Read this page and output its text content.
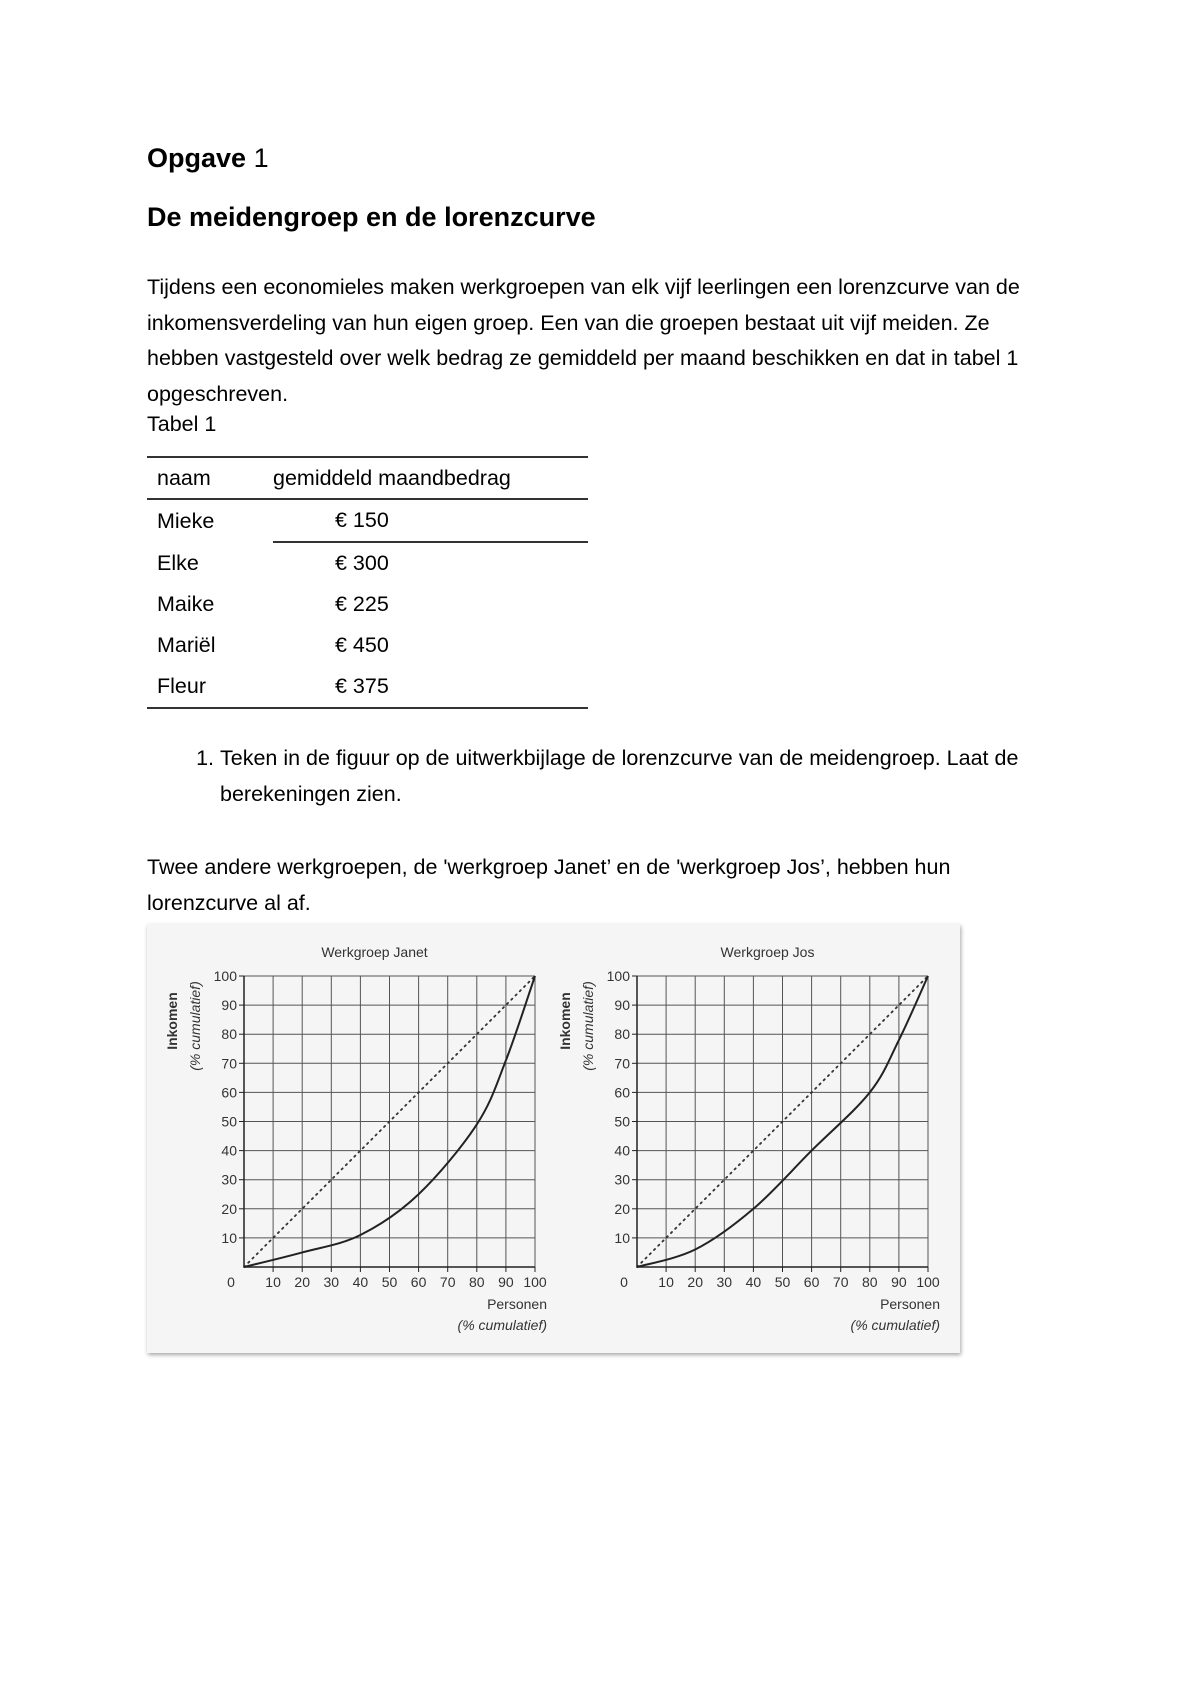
Opgave 1
De meidengroep en de lorenzcurve

Tijdens een economieles maken werkgroepen van elk vijf leerlingen een lorenzcurve van de inkomensverdeling van hun eigen groep. Een van die groepen bestaat uit vijf meiden. Ze hebben vastgesteld over welk bedrag ze gemiddeld per maand beschikken en dat in tabel 1 opgeschreven.

Tabel 1

naam	gemiddeld maandbedrag
Mieke	€ 150
Elke	€ 300
Maike	€ 225
Mariël	€ 450
Fleur	€ 375
1. Teken in de figuur op de uitwerkbijlage de lorenzcurve van de meidengroep. Laat de berekeningen zien.

Twee andere werkgroepen, de 'werkgroep Janet’ en de 'werkgroep Jos’, hebben hun lorenzcurve al af.

Werkgroep Janet
10
20
30
40
50
60
70
80
90
100
0 10 20 30 40 50 60 70 80 90 100
Inkomen (% cumulatief)
Personen
(% cumulatief)
Werkgroep Jos
10
20
30
40
50
60
70
80
90
100
0 10 20 30 40 50 60 70 80 90 100
Inkomen (% cumulatief)
Personen
(% cumulatief)
